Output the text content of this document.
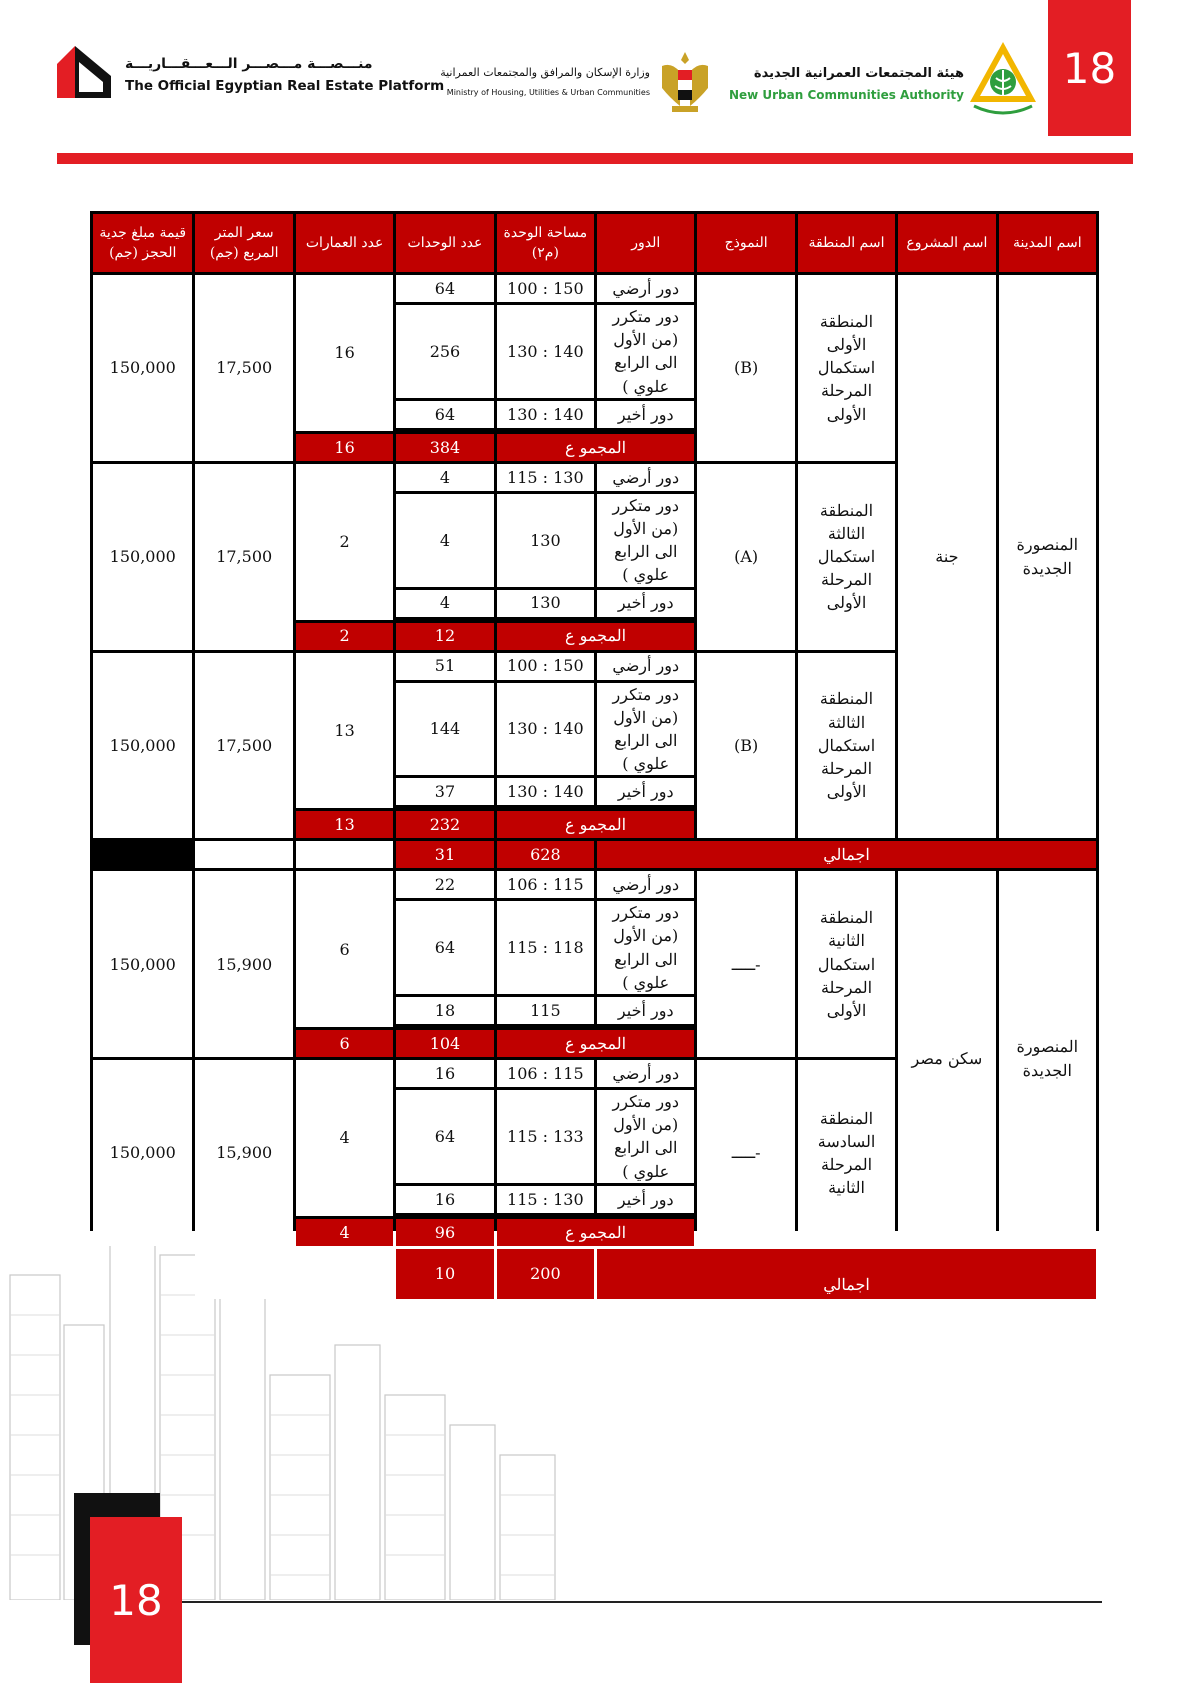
18
هيئة المجتمعات العمرانية الجديدة
New Urban Communities Authority
وزارة الإسكان والمرافق والمجتمعات العمرانية
Ministry of Housing, Utilities & Urban Communities
منـــصـــة مـــصـــر الـــعـــقـــاريـــة
The Official Egyptian Real Estate Platform
اسم المدينة	اسم المشروع	اسم المنطقة	النموذج	الدور	مساحة الوحدة (م٢)	عدد الوحدات	عدد العمارات	سعر المتر المربع (جم)	قيمة مبلغ جدية الحجز (جم)
المنصورة الجديدة	جنة	المنطقة الأولى استكمال المرحلة الأولى	(B)	دور أرضي	150 : 100	64	16	17,500	150,000
				دور متكرر (من الأول الى الرابع علوي )	140 : 130	256			
				دور أخير	140 : 130	64			

				المجمو ع		384	16		
		المنطقة الثالثة استكمال المرحلة الأولى	(A)	دور أرضي	130 : 115	4	2	17,500	150,000
				دور متكرر (من الأول الى الرابع علوي )	130	4			
				دور أخير	130	4			

				المجمو ع		12	2		
		المنطقة الثالثة استكمال المرحلة الأولى	(B)	دور أرضي	150 : 100	51	13	17,500	150,000
				دور متكرر (من الأول الى الرابع علوي )	140 : 130	144			
				دور أخير	140 : 130	37			

				المجمو ع		232	13		
اجمالي					628	31			
المنصورة الجديدة	سكن مصر	المنطقة الثانية استكمال المرحلة الأولى	-ـــــ	دور أرضي	115 : 106	22	6	15,900	150,000
				دور متكرر (من الأول الى الرابع علوي )	118 : 115	64			
				دور أخير	115	18			

				المجمو ع		104	6		
		المنطقة السادسة المرحلة الثانية	-ـــــ	دور أرضي	115 : 106	16	4	15,900	150,000
				دور متكرر (من الأول الى الرابع علوي )	133 : 115	64			
				دور أخير	130 : 115	16			

				المجمو ع		96	4		
اجمالي					200	10			
18
